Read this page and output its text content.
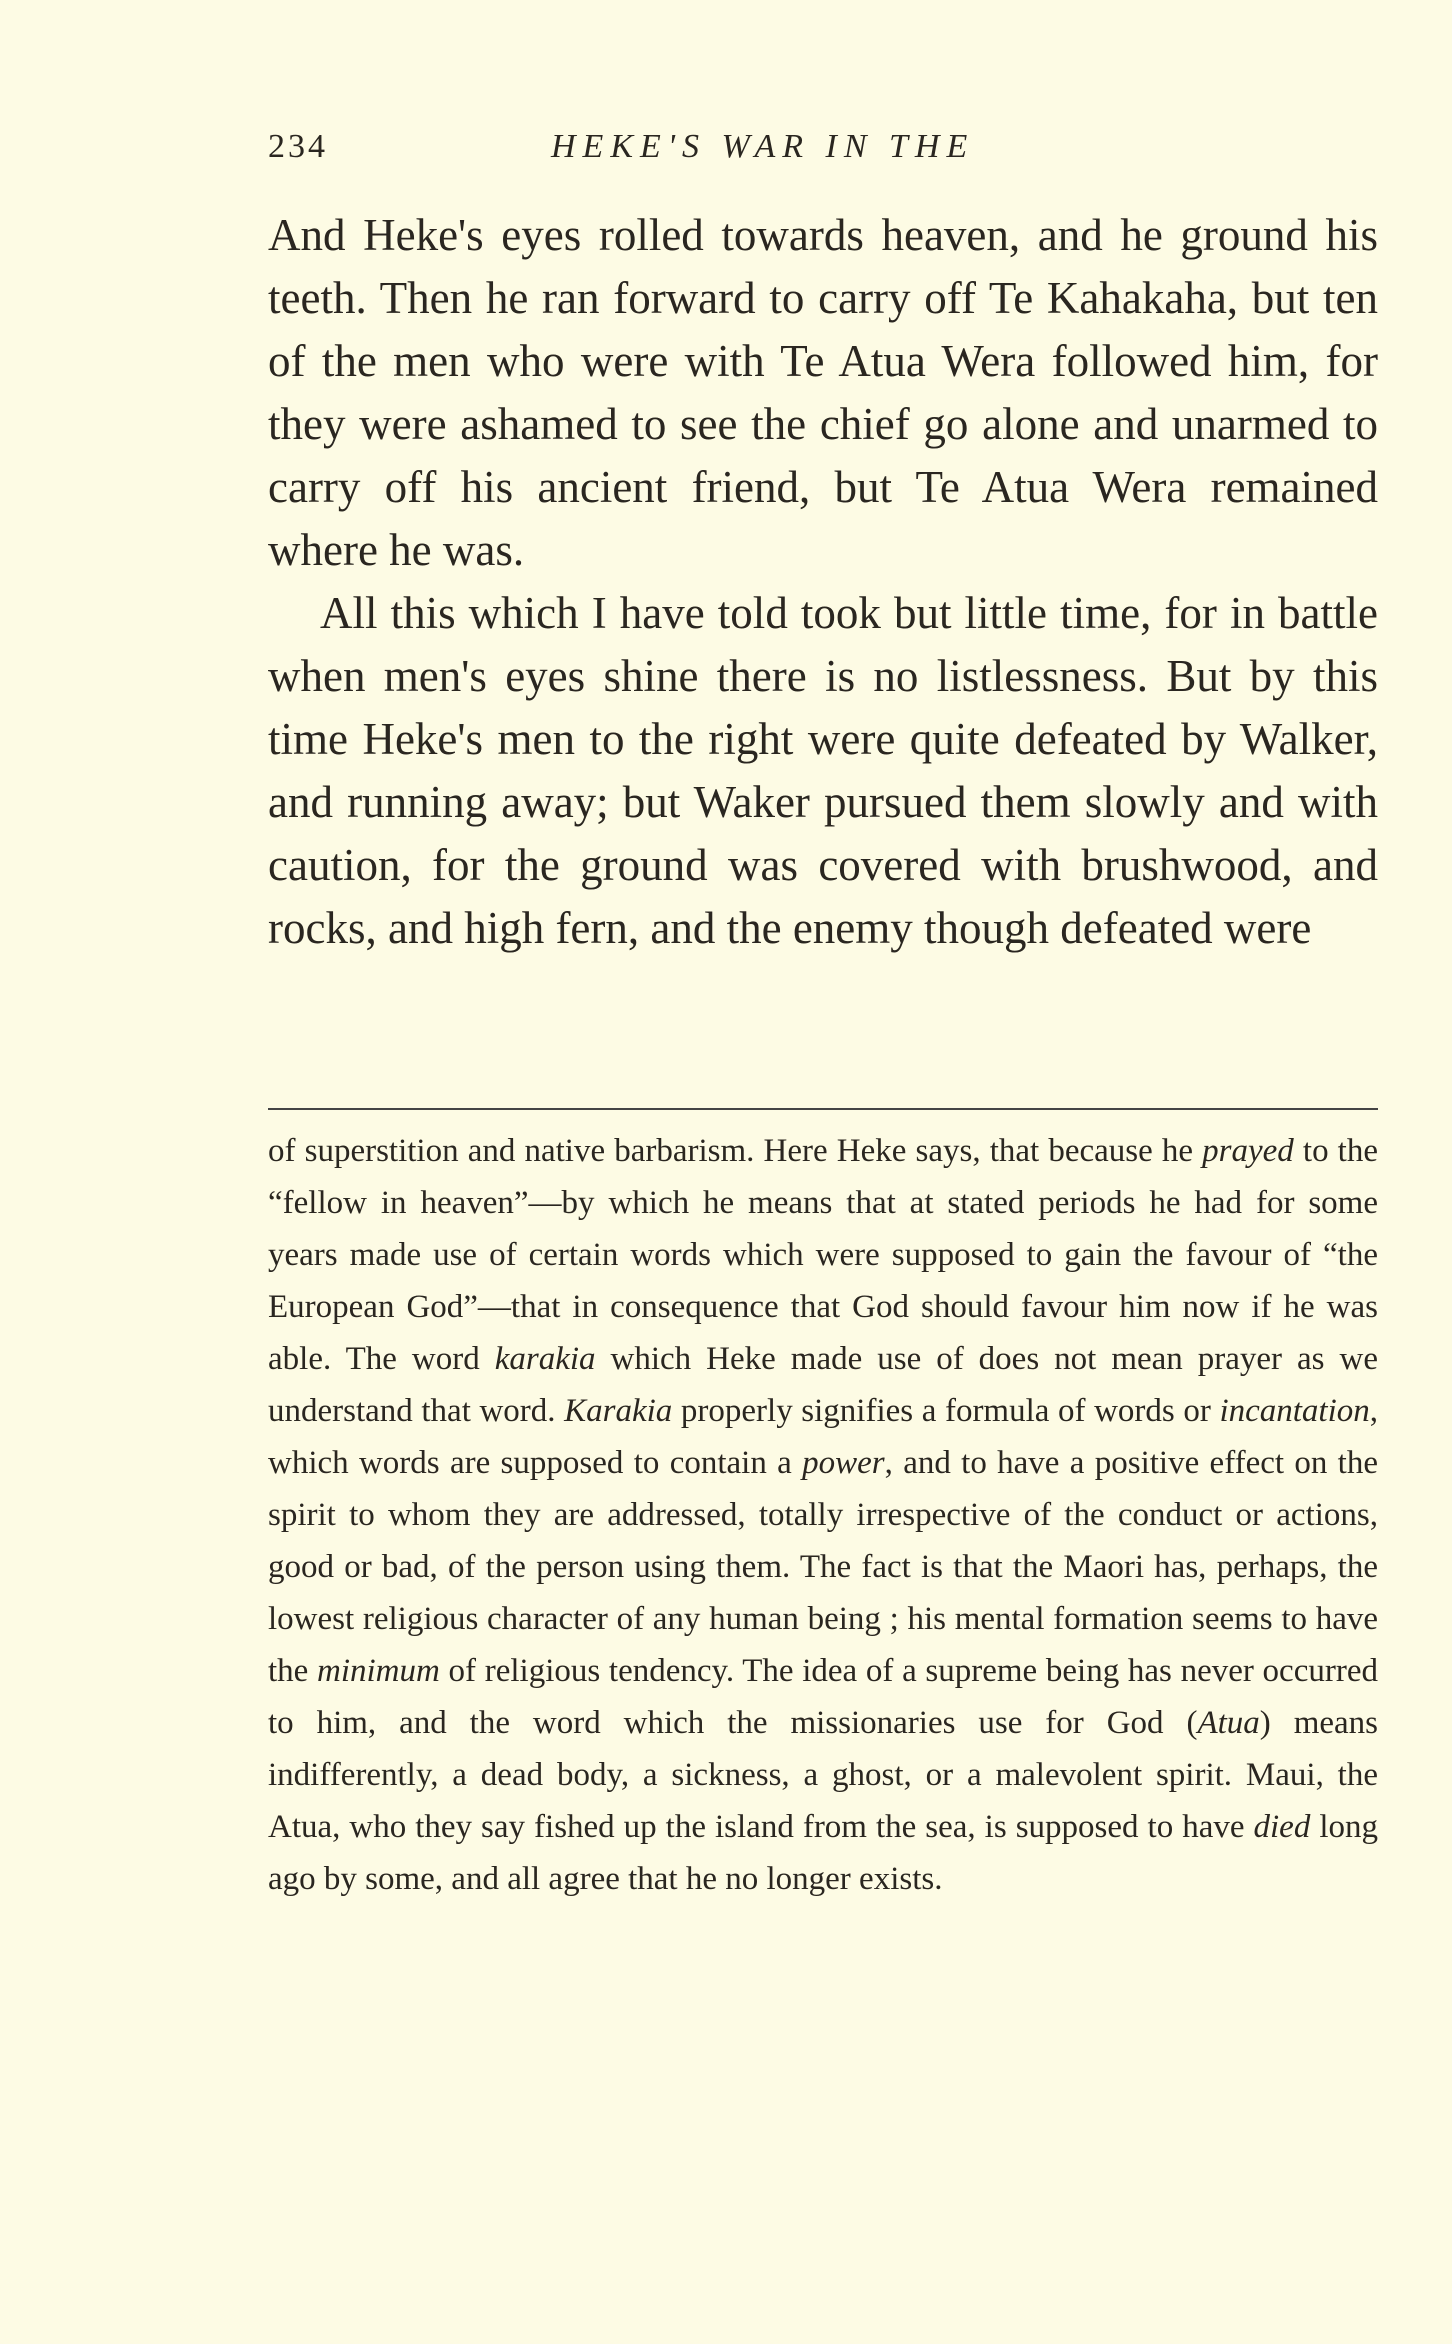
234	HEKE'S WAR IN THE

And Heke's eyes rolled towards heaven, and he ground his teeth. Then he ran forward to carry off Te Kahakaha, but ten of the men who were with Te Atua Wera followed him, for they were ashamed to see the chief go alone and unarmed to carry off his ancient friend, but Te Atua Wera remained where he was.

All this which I have told took but little time, for in battle when men's eyes shine there is no listlessness. But by this time Heke's men to the right were quite defeated by Walker, and running away; but Waker pursued them slowly and with caution, for the ground was covered with brushwood, and rocks, and high fern, and the enemy though defeated were

of superstition and native barbarism. Here Heke says, that because he prayed to the “fellow in heaven”—by which he means that at stated periods he had for some years made use of certain words which were supposed to gain the favour of “the European God”—that in consequence that God should favour him now if he was able. The word karakia which Heke made use of does not mean prayer as we understand that word. Karakia properly signifies a formula of words or incantation, which words are supposed to contain a power, and to have a positive effect on the spirit to whom they are addressed, totally irrespective of the conduct or actions, good or bad, of the person using them. The fact is that the Maori has, perhaps, the lowest religious character of any human being ; his mental formation seems to have the minimum of religious tendency. The idea of a supreme being has never occurred to him, and the word which the missionaries use for God (Atua) means indifferently, a dead body, a sickness, a ghost, or a malevolent spirit. Maui, the Atua, who they say fished up the island from the sea, is supposed to have died long ago by some, and all agree that he no longer exists.
